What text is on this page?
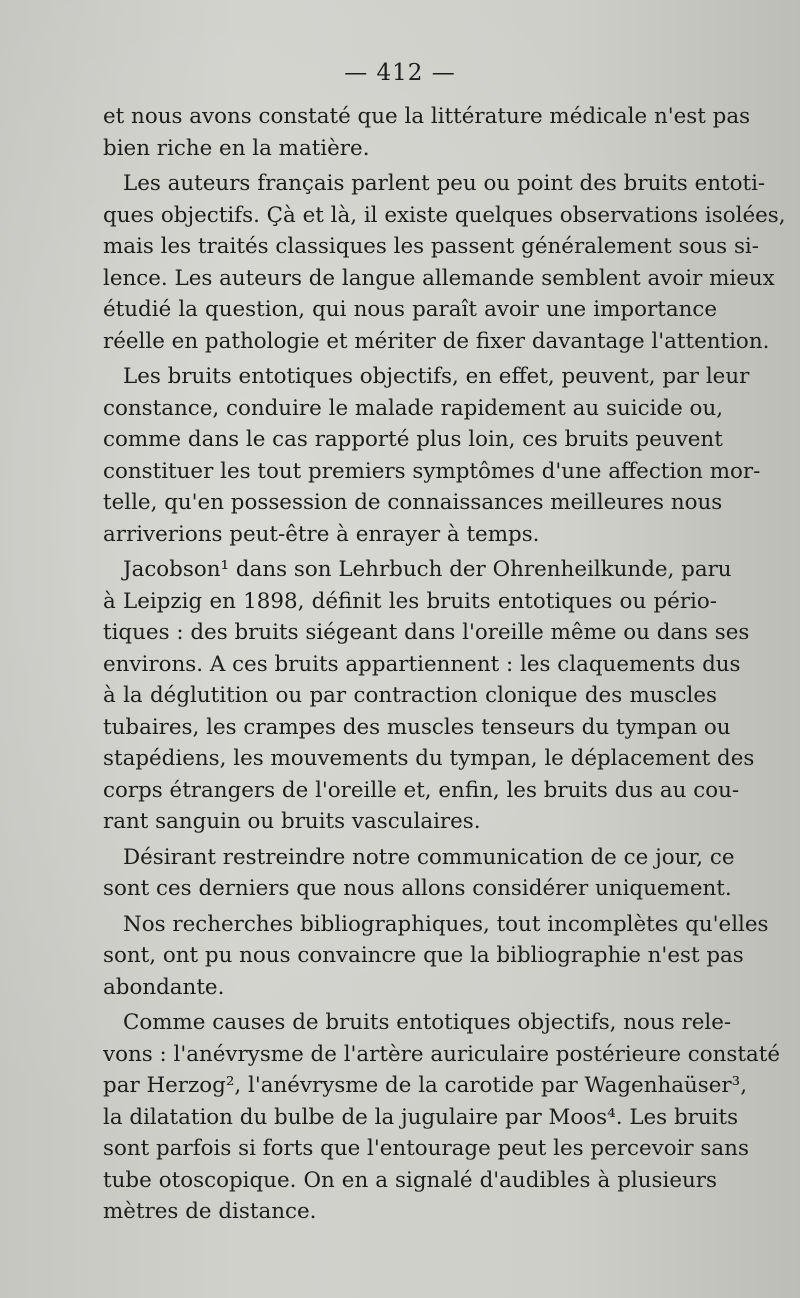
— 412 —
et nous avons constaté que la littérature médicale n'est pas
bien riche en la matière.
Les auteurs français parlent peu ou point des bruits entoti-
ques objectifs. Çà et là, il existe quelques observations isolées,
mais les traités classiques les passent généralement sous si-
lence. Les auteurs de langue allemande semblent avoir mieux
étudié la question, qui nous paraît avoir une importance
réelle en pathologie et mériter de fixer davantage l'attention.
Les bruits entotiques objectifs, en effet, peuvent, par leur
constance, conduire le malade rapidement au suicide ou,
comme dans le cas rapporté plus loin, ces bruits peuvent
constituer les tout premiers symptômes d'une affection mor-
telle, qu'en possession de connaissances meilleures nous
arriverions peut-être à enrayer à temps.
Jacobson¹ dans son Lehrbuch der Ohrenheilkunde, paru
à Leipzig en 1898, définit les bruits entotiques ou pério-
tiques : des bruits siégeant dans l'oreille même ou dans ses
environs. A ces bruits appartiennent : les claquements dus
à la déglutition ou par contraction clonique des muscles
tubaires, les crampes des muscles tenseurs du tympan ou
stapédiens, les mouvements du tympan, le déplacement des
corps étrangers de l'oreille et, enfin, les bruits dus au cou-
rant sanguin ou bruits vasculaires.
Désirant restreindre notre communication de ce jour, ce
sont ces derniers que nous allons considérer uniquement.
Nos recherches bibliographiques, tout incomplètes qu'elles
sont, ont pu nous convaincre que la bibliographie n'est pas
abondante.
Comme causes de bruits entotiques objectifs, nous rele-
vons : l'anévrysme de l'artère auriculaire postérieure constaté
par Herzog², l'anévrysme de la carotide par Wagenhaüser³,
la dilatation du bulbe de la jugulaire par Moos⁴. Les bruits
sont parfois si forts que l'entourage peut les percevoir sans
tube otoscopique. On en a signalé d'audibles à plusieurs
mètres de distance.
